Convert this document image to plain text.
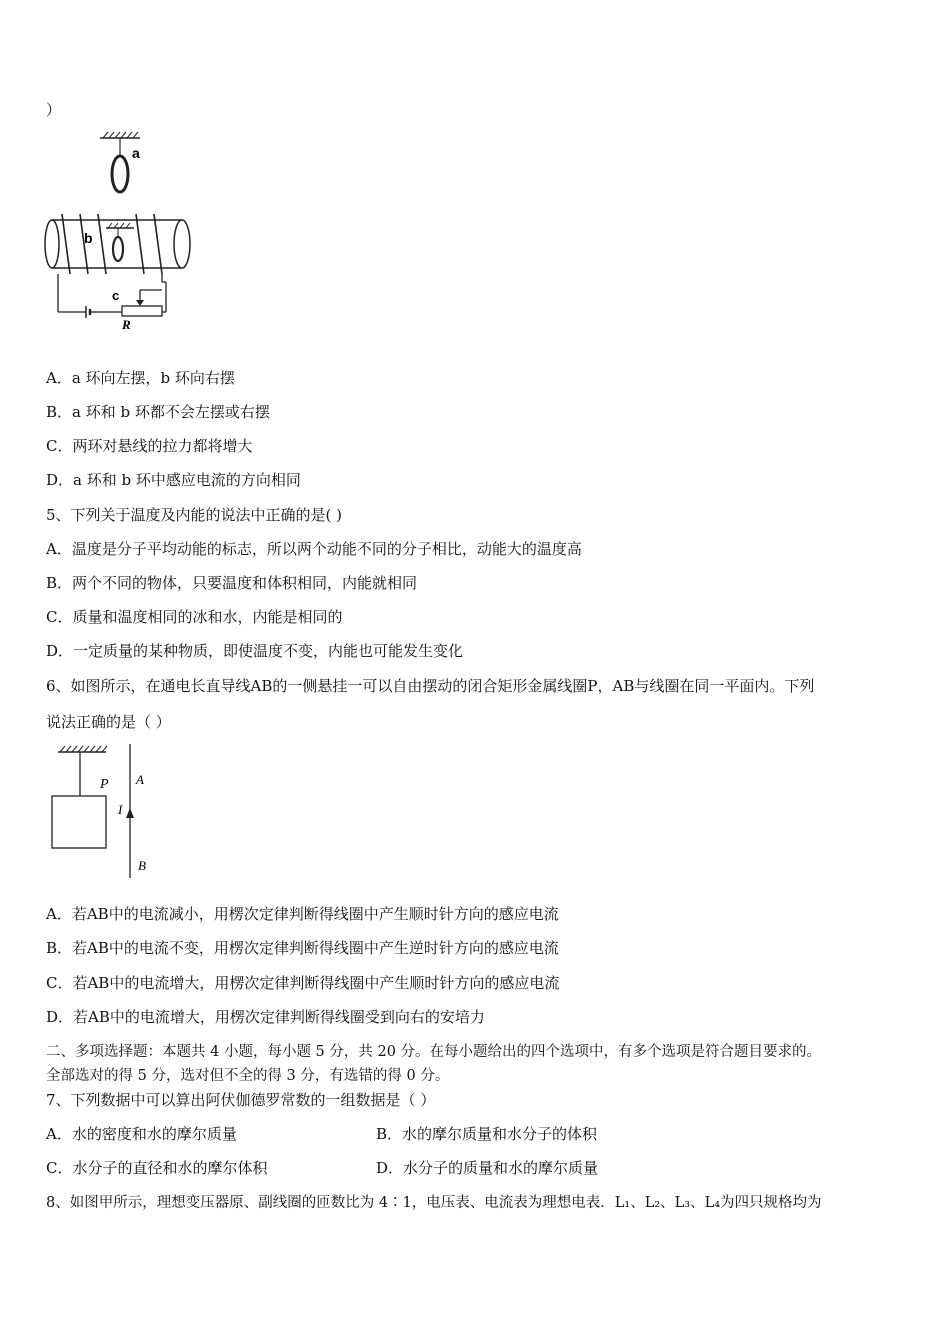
）
a
b
c
R
A．a 环向左摆，b 环向右摆
B．a 环和 b 环都不会左摆或右摆
C．两环对悬线的拉力都将增大
D．a 环和 b 环中感应电流的方向相同
5、下列关于温度及内能的说法中正确的是( )
A．温度是分子平均动能的标志，所以两个动能不同的分子相比，动能大的温度高
B．两个不同的物体，只要温度和体积相同，内能就相同
C．质量和温度相同的冰和水，内能是相同的
D．一定质量的某种物质，即使温度不变，内能也可能发生变化
6、如图所示，在通电长直导线AB的一侧悬挂一可以自由摆动的闭合矩形金属线圈P，AB与线圈在同一平面内。下列
说法正确的是（ ）
P A
I
B
A．若AB中的电流减小，用楞次定律判断得线圈中产生顺时针方向的感应电流
B．若AB中的电流不变，用楞次定律判断得线圈中产生逆时针方向的感应电流
C．若AB中的电流增大，用楞次定律判断得线圈中产生顺时针方向的感应电流
D．若AB中的电流增大，用楞次定律判断得线圈受到向右的安培力
二、多项选择题：本题共 4 小题，每小题 5 分，共 20 分。在每小题给出的四个选项中，有多个选项是符合题目要求的。
全部选对的得 5 分，选对但不全的得 3 分，有选错的得 0 分。
7、下列数据中可以算出阿伏伽德罗常数的一组数据是（ ）
A．水的密度和水的摩尔质量	B．水的摩尔质量和水分子的体积
C．水分子的直径和水的摩尔体积	D．水分子的质量和水的摩尔质量
8、如图甲所示，理想变压器原、副线圈的匝数比为 4∶1，电压表、电流表为理想电表．L₁、L₂、L₃、L₄为四只规格均为
